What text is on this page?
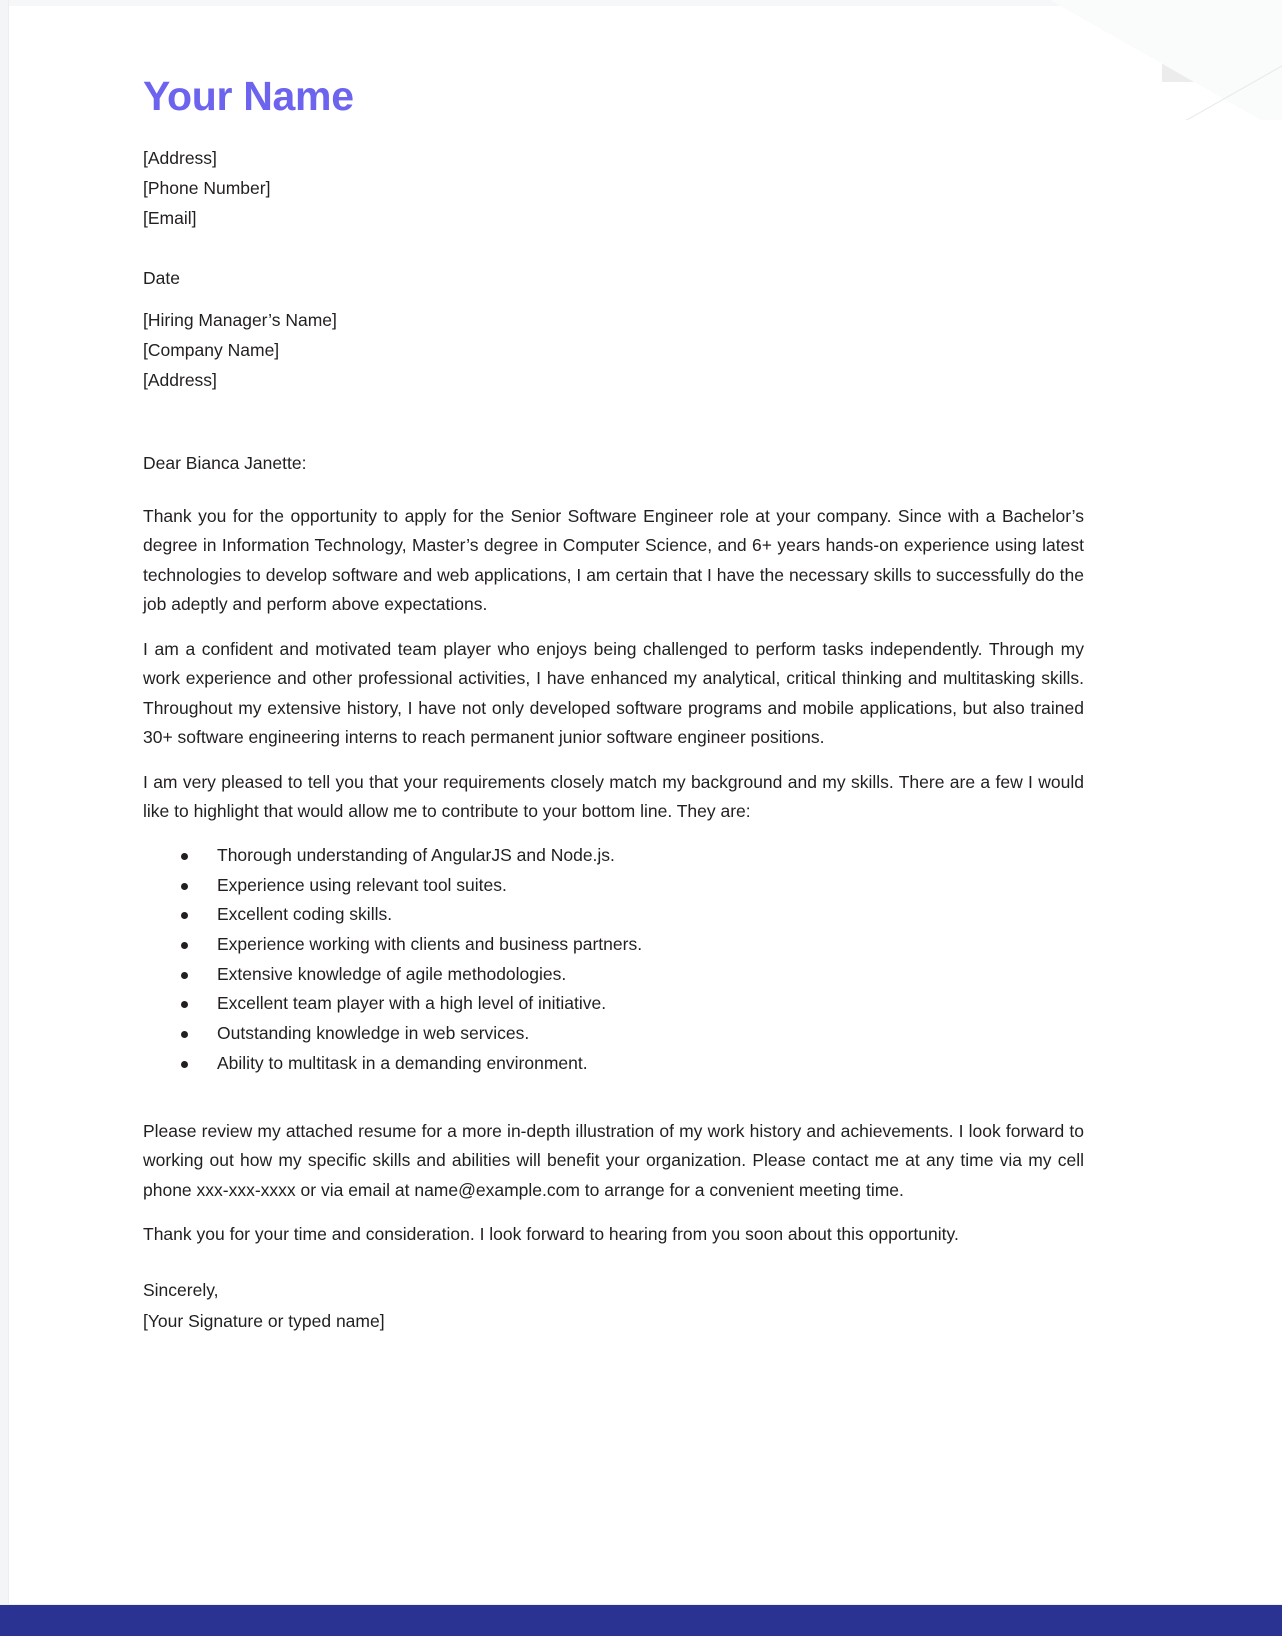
Your Name
[Address]
[Phone Number]
[Email]
Date
[Hiring Manager’s Name]
[Company Name]
[Address]
Dear Bianca Janette:

Thank you for the opportunity to apply for the Senior Software Engineer role at your company. Since with a Bachelor’s degree in Information Technology, Master’s degree in Computer Science, and 6+ years hands-on experience using latest technologies to develop software and web applications, I am certain that I have the necessary skills to successfully do the job adeptly and perform above expectations.

I am a confident and motivated team player who enjoys being challenged to perform tasks independently. Through my work experience and other professional activities, I have enhanced my analytical, critical thinking and multitasking skills. Throughout my extensive history, I have not only developed software programs and mobile applications, but also trained 30+ software engineering interns to reach permanent junior software engineer positions.

I am very pleased to tell you that your requirements closely match my background and my skills. There are a few I would like to highlight that would allow me to contribute to your bottom line. They are:

Thorough understanding of AngularJS and Node.js.
Experience using relevant tool suites.
Excellent coding skills.
Experience working with clients and business partners.
Extensive knowledge of agile methodologies.
Excellent team player with a high level of initiative.
Outstanding knowledge in web services.
Ability to multitask in a demanding environment.

Please review my attached resume for a more in-depth illustration of my work history and achievements. I look forward to working out how my specific skills and abilities will benefit your organization. Please contact me at any time via my cell phone xxx-xxx-xxxx or via email at name@example.com to arrange for a convenient meeting time.

Thank you for your time and consideration. I look forward to hearing from you soon about this opportunity.

Sincerely,
[Your Signature or typed name]
